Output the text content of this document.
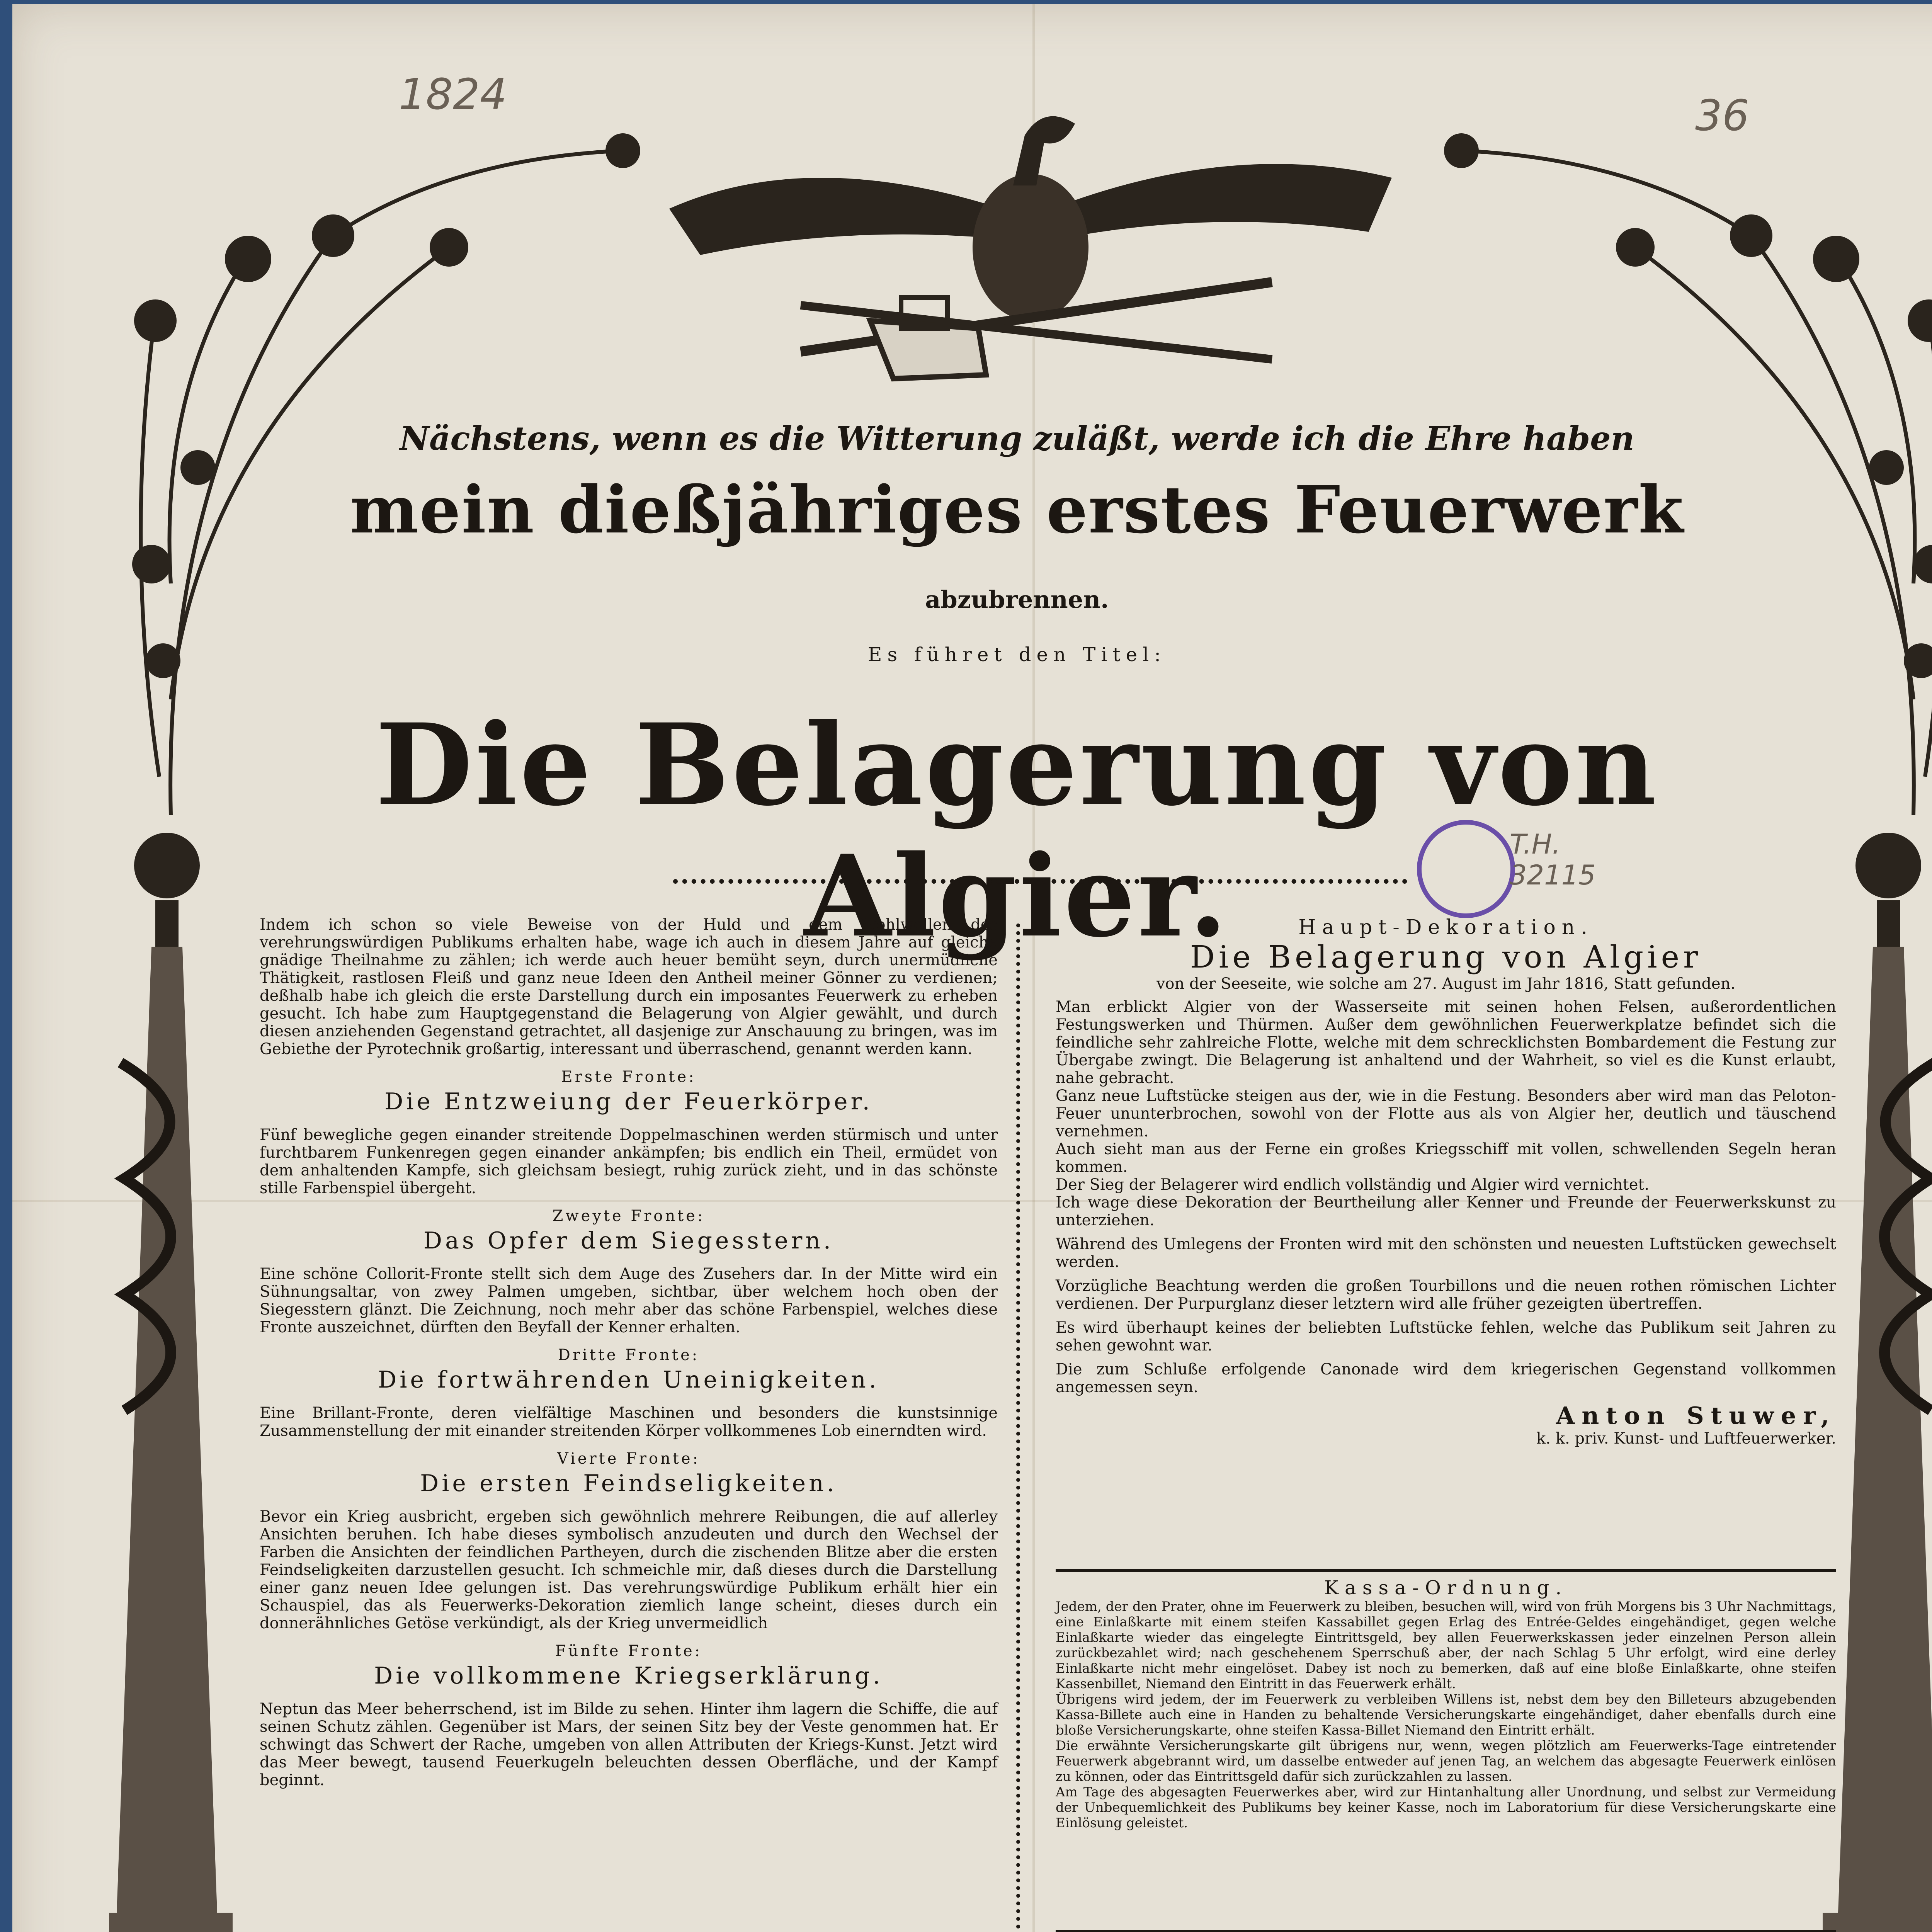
1824	36
Nächstens, wenn es die Witterung zuläßt, werde ich die Ehre haben
mein dießjähriges erstes Feuerwerk
abzubrennen.
Es führet den Titel:
Die Belagerung von Algier.	T.H. 32115

Indem ich schon so viele Beweise von der Huld und dem Wohlwollen des verehrungswürdigen Publikums erhalten habe, wage ich auch in diesem Jahre auf gleiche gnädige Theilnahme zu zählen; ich werde auch heuer bemüht seyn, durch unermüdliche Thätigkeit, rastlosen Fleiß und ganz neue Ideen den Antheil meiner Gönner zu verdienen; deßhalb habe ich gleich die erste Darstellung durch ein imposantes Feuerwerk zu erheben gesucht. Ich habe zum Hauptgegenstand die Belagerung von Algier gewählt, und durch diesen anziehenden Gegenstand getrachtet, all dasjenige zur Anschauung zu bringen, was im Gebiethe der Pyrotechnik großartig, interessant und überraschend, genannt werden kann.

Erste Fronte:
Die Entzweiung der Feuerkörper.

Fünf bewegliche gegen einander streitende Doppelmaschinen werden stürmisch und unter furchtbarem Funkenregen gegen einander ankämpfen; bis endlich ein Theil, ermüdet von dem anhaltenden Kampfe, sich gleichsam besiegt, ruhig zurück zieht, und in das schönste stille Farbenspiel übergeht.

Zweyte Fronte:
Das Opfer dem Siegesstern.

Eine schöne Collorit-Fronte stellt sich dem Auge des Zusehers dar. In der Mitte wird ein Sühnungsaltar, von zwey Palmen umgeben, sichtbar, über welchem hoch oben der Siegesstern glänzt. Die Zeichnung, noch mehr aber das schöne Farbenspiel, welches diese Fronte auszeichnet, dürften den Beyfall der Kenner erhalten.

Dritte Fronte:
Die fortwährenden Uneinigkeiten.

Eine Brillant-Fronte, deren vielfältige Maschinen und besonders die kunstsinnige Zusammenstellung der mit einander streitenden Körper vollkommenes Lob einerndten wird.

Vierte Fronte:
Die ersten Feindseligkeiten.

Bevor ein Krieg ausbricht, ergeben sich gewöhnlich mehrere Reibungen, die auf allerley Ansichten beruhen. Ich habe dieses symbolisch anzudeuten und durch den Wechsel der Farben die Ansichten der feindlichen Partheyen, durch die zischenden Blitze aber die ersten Feindseligkeiten darzustellen gesucht. Ich schmeichle mir, daß dieses durch die Darstellung einer ganz neuen Idee gelungen ist. Das verehrungswürdige Publikum erhält hier ein Schauspiel, das als Feuerwerks-Dekoration ziemlich lange scheint, dieses durch ein donnerähnliches Getöse verkündigt, als der Krieg unvermeidlich

Fünfte Fronte:
Die vollkommene Kriegserklärung.

Neptun das Meer beherrschend, ist im Bilde zu sehen. Hinter ihm lagern die Schiffe, die auf seinen Schutz zählen. Gegenüber ist Mars, der seinen Sitz bey der Veste genommen hat. Er schwingt das Schwert der Rache, umgeben von allen Attributen der Kriegs-Kunst. Jetzt wird das Meer bewegt, tausend Feuerkugeln beleuchten dessen Oberfläche, und der Kampf beginnt.

Haupt-Dekoration.
Die Belagerung von Algier
von der Seeseite, wie solche am 27. August im Jahr 1816, Statt gefunden.

Man erblickt Algier von der Wasserseite mit seinen hohen Felsen, außerordentlichen Festungswerken und Thürmen. Außer dem gewöhnlichen Feuerwerkplatze befindet sich die feindliche sehr zahlreiche Flotte, welche mit dem schrecklichsten Bombardement die Festung zur Übergabe zwingt. Die Belagerung ist anhaltend und der Wahrheit, so viel es die Kunst erlaubt, nahe gebracht.

Ganz neue Luftstücke steigen aus der, wie in die Festung. Besonders aber wird man das Peloton-Feuer ununterbrochen, sowohl von der Flotte aus als von Algier her, deutlich und täuschend vernehmen.

Auch sieht man aus der Ferne ein großes Kriegsschiff mit vollen, schwellenden Segeln heran kommen.

Der Sieg der Belagerer wird endlich vollständig und Algier wird vernichtet.

Ich wage diese Dekoration der Beurtheilung aller Kenner und Freunde der Feuerwerkskunst zu unterziehen.

Während des Umlegens der Fronten wird mit den schönsten und neuesten Luftstücken gewechselt werden.

Vorzügliche Beachtung werden die großen Tourbillons und die neuen rothen römischen Lichter verdienen. Der Purpurglanz dieser letztern wird alle früher gezeigten übertreffen.

Es wird überhaupt keines der beliebten Luftstücke fehlen, welche das Publikum seit Jahren zu sehen gewohnt war.

Die zum Schluße erfolgende Canonade wird dem kriegerischen Gegenstand vollkommen angemessen seyn.

Anton Stuwer,
k. k. priv. Kunst- und Luftfeuerwerker.
Kassa-Ordnung.

Jedem, der den Prater, ohne im Feuerwerk zu bleiben, besuchen will, wird von früh Morgens bis 3 Uhr Nachmittags, eine Einlaßkarte mit einem steifen Kassabillet gegen Erlag des Entrée-Geldes eingehändiget, gegen welche Einlaßkarte wieder das eingelegte Eintrittsgeld, bey allen Feuerwerkskassen jeder einzelnen Person allein zurückbezahlet wird; nach geschehenem Sperrschuß aber, der nach Schlag 5 Uhr erfolgt, wird eine derley Einlaßkarte nicht mehr eingelöset. Dabey ist noch zu bemerken, daß auf eine bloße Einlaßkarte, ohne steifen Kassenbillet, Niemand den Eintritt in das Feuerwerk erhält.

Übrigens wird jedem, der im Feuerwerk zu verbleiben Willens ist, nebst dem bey den Billeteurs abzugebenden Kassa-Billete auch eine in Handen zu behaltende Versicherungskarte eingehändiget, daher ebenfalls durch eine bloße Versicherungskarte, ohne steifen Kassa-Billet Niemand den Eintritt erhält.

Die erwähnte Versicherungskarte gilt übrigens nur, wenn, wegen plötzlich am Feuerwerks-Tage eintretender Feuerwerk abgebrannt wird, um dasselbe entweder auf jenen Tag, an welchem das abgesagte Feuerwerk einlösen zu können, oder das Eintrittsgeld dafür sich zurückzahlen zu lassen.

Am Tage des abgesagten Feuerwerkes aber, wird zur Hintanhaltung aller Unordnung, und selbst zur Vermeidung der Unbequemlichkeit des Publikums bey keiner Kasse, noch im Laboratorium für diese Versicherungskarte eine Einlösung geleistet.
